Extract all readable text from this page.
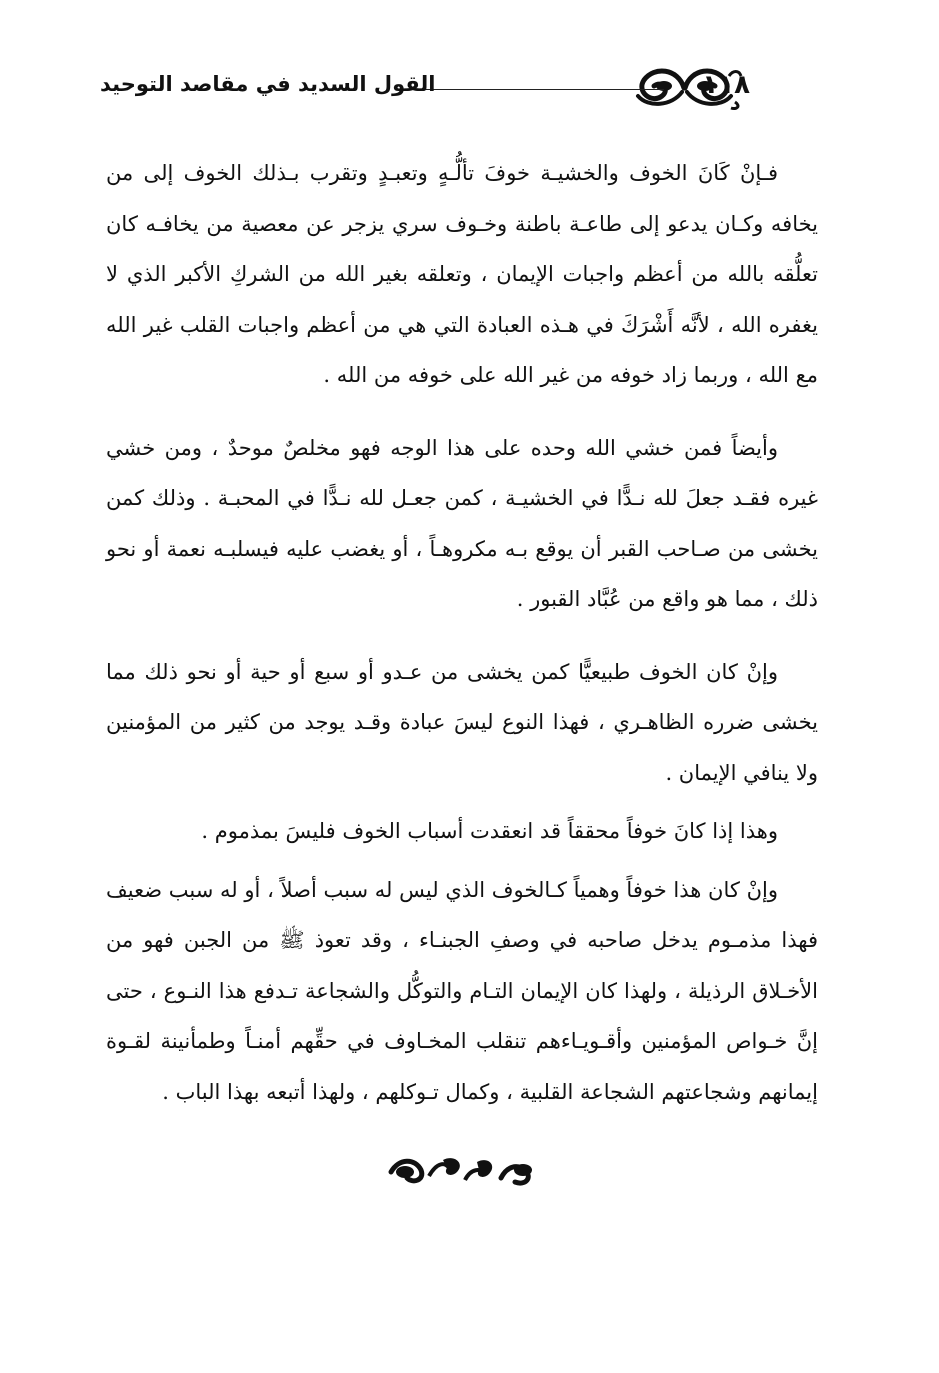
١١٨
القول السديد في مقاصد التوحيد

فـإنْ كَانَ الخوف والخشيـة خوفَ تألُّـهٍ وتعبـدٍ وتقرب بـذلك الخوف إلى من يخافه وكـان يدعو إلى طاعـة باطنة وخـوف سري يزجر عن معصية من يخافـه كان تعلُّقه بالله من أعظم واجبات الإيمان ، وتعلقه بغير الله من الشركِ الأكبر الذي لا يغفره الله ، لأنَّه أَشْرَكَ في هـذه العبادة التي هي من أعظم واجبات القلب غير الله مع الله ، وربما زاد خوفه من غير الله على خوفه من الله .

وأيضاً فمن خشي الله وحده على هذا الوجه فهو مخلصٌ موحدٌ ، ومن خشي غيره فقـد جعلَ لله نـدًّا في الخشيـة ، كمن جعـل لله نـدًّا في المحبـة . وذلك كمن يخشى من صـاحب القبر أن يوقع بـه مكروهـاً ، أو يغضب عليه فيسلبـه نعمة أو نحو ذلك ، مما هو واقع من عُبَّاد القبور .

وإنْ كان الخوف طبيعيًّا كمن يخشى من عـدو أو سبع أو حية أو نحو ذلك مما يخشى ضرره الظاهـري ، فهذا النوع ليسَ عبادة وقـد يوجد من كثير من المؤمنين ولا ينافي الإيمان .

وهذا إذا كانَ خوفاً محققاً قد انعقدت أسباب الخوف فليسَ بمذموم .

وإنْ كان هذا خوفاً وهمياً كـالخوف الذي ليس له سبب أصلاً ، أو له سبب ضعيف فهذا مذمـوم يدخل صاحبه في وصفِ الجبنـاء ، وقد تعوذ ﷺ من الجبن فهو من الأخـلاق الرذيلة ، ولهذا كان الإيمان التـام والتوكُّل والشجاعة تـدفع هذا النـوع ، حتى إنَّ خـواص المؤمنين وأقـويـاءهم تنقلب المخـاوف في حقِّهم أمنـاً وطمأنينة لقـوة إيمانهم وشجاعتهم الشجاعة القلبية ، وكمال تـوكلهم ، ولهذا أتبعه بهذا الباب .
